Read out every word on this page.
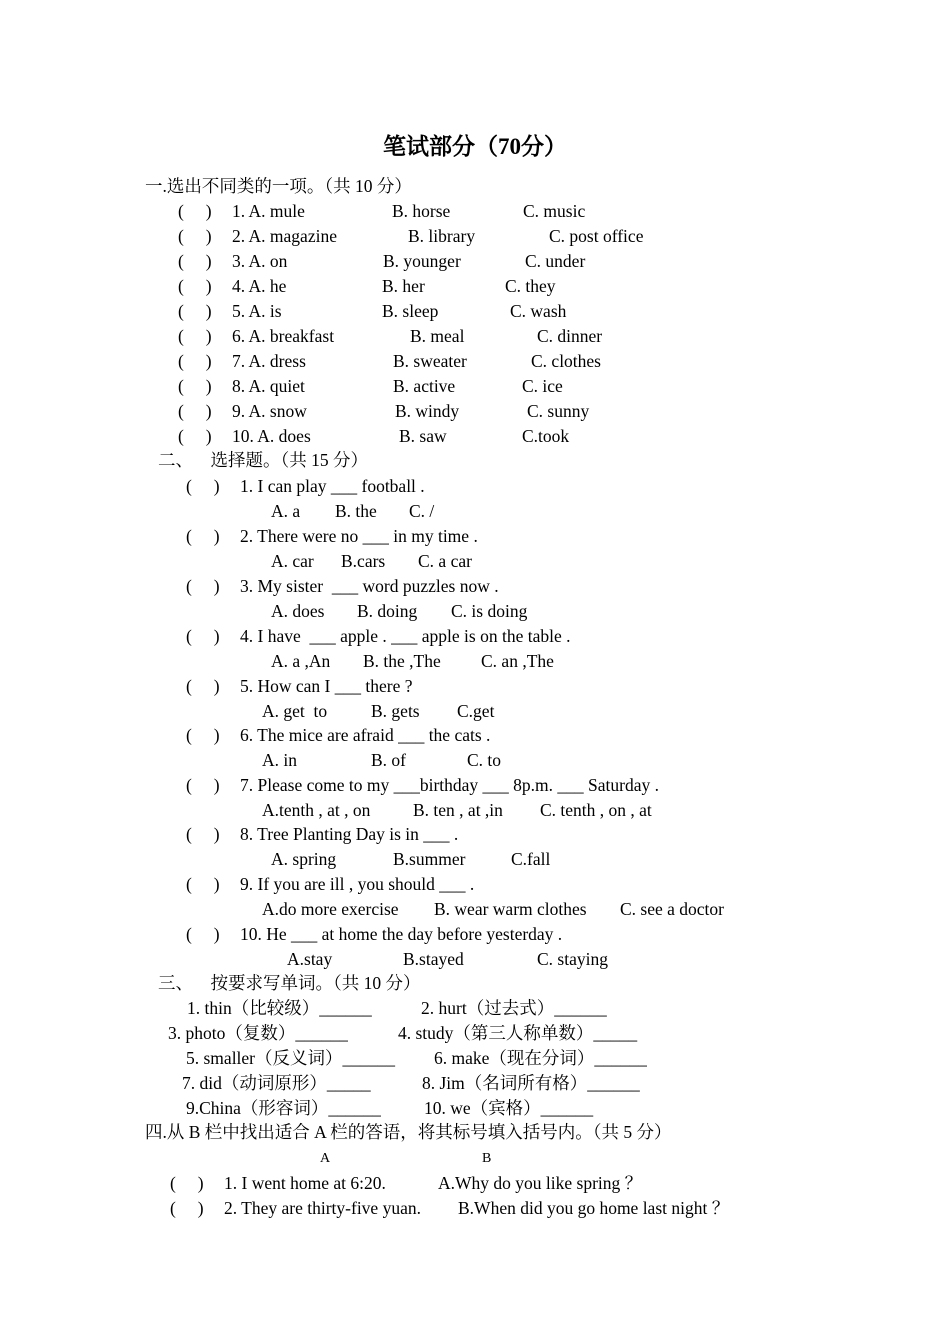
笔试部分（70分）
一.选出不同类的一项。（共 10 分）
(     ) 1. A. mule	B. horse	C. music
(     ) 2. A. magazine	B. library	C. post office
(     ) 3. A. on	B. younger	C. under
(     ) 4. A. he	B. her	C. they
(     ) 5. A. is	B. sleep	C. wash
(     ) 6. A. breakfast	B. meal	C. dinner
(     ) 7. A. dress	B. sweater	C. clothes
(     ) 8. A. quiet	B. active	C. ice
(     ) 9. A. snow	B. windy	C. sunny
(     ) 10. A. does	B. saw	C.took
二、    选择题。（共 15 分）
(     ) 1. I can play ___ football .
A. a B. the C. /
(     ) 2. There were no ___ in my time .
A. car B.cars C. a car
(     ) 3. My sister  ___ word puzzles now .
A. does B. doing C. is doing
(     ) 4. I have  ___ apple . ___ apple is on the table .
A. a ,An B. the ,The C. an ,The
(     ) 5. How can I ___ there ?
A. get  to	B. gets C.get
(     ) 6. The mice are afraid ___ the cats .
A. in	B. of	C. to
(     ) 7. Please come to my ___birthday ___ 8p.m. ___ Saturday .
A.tenth , at , on B. ten , at ,in C. tenth , on , at
(     ) 8. Tree Planting Day is in ___ .
A. spring	B.summer	C.fall
(     ) 9. If you are ill , you should ___ .
A.do more exercise B. wear warm clothes C. see a doctor
(     ) 10. He ___ at home the day before yesterday .
A.stay	B.stayed	C. staying
三、    按要求写单词。（共 10 分）
1. thin（比较级）______	2. hurt（过去式）______
3. photo（复数）______	4. study（第三人称单数）_____
5. smaller（反义词）______ 6. make（现在分词）______
7. did（动词原形）_____	8. Jim（名词所有格）______
9.China（形容词）______ 10. we（宾格）______
四.从 B 栏中找出适合 A 栏的答语，将其标号填入括号内。（共 5 分）
A	B
(     ) 1. I went home at 6:20.	A.Why do you like spring ？
(     ) 2. They are thirty-five yuan. B.When did you go home last night ？
